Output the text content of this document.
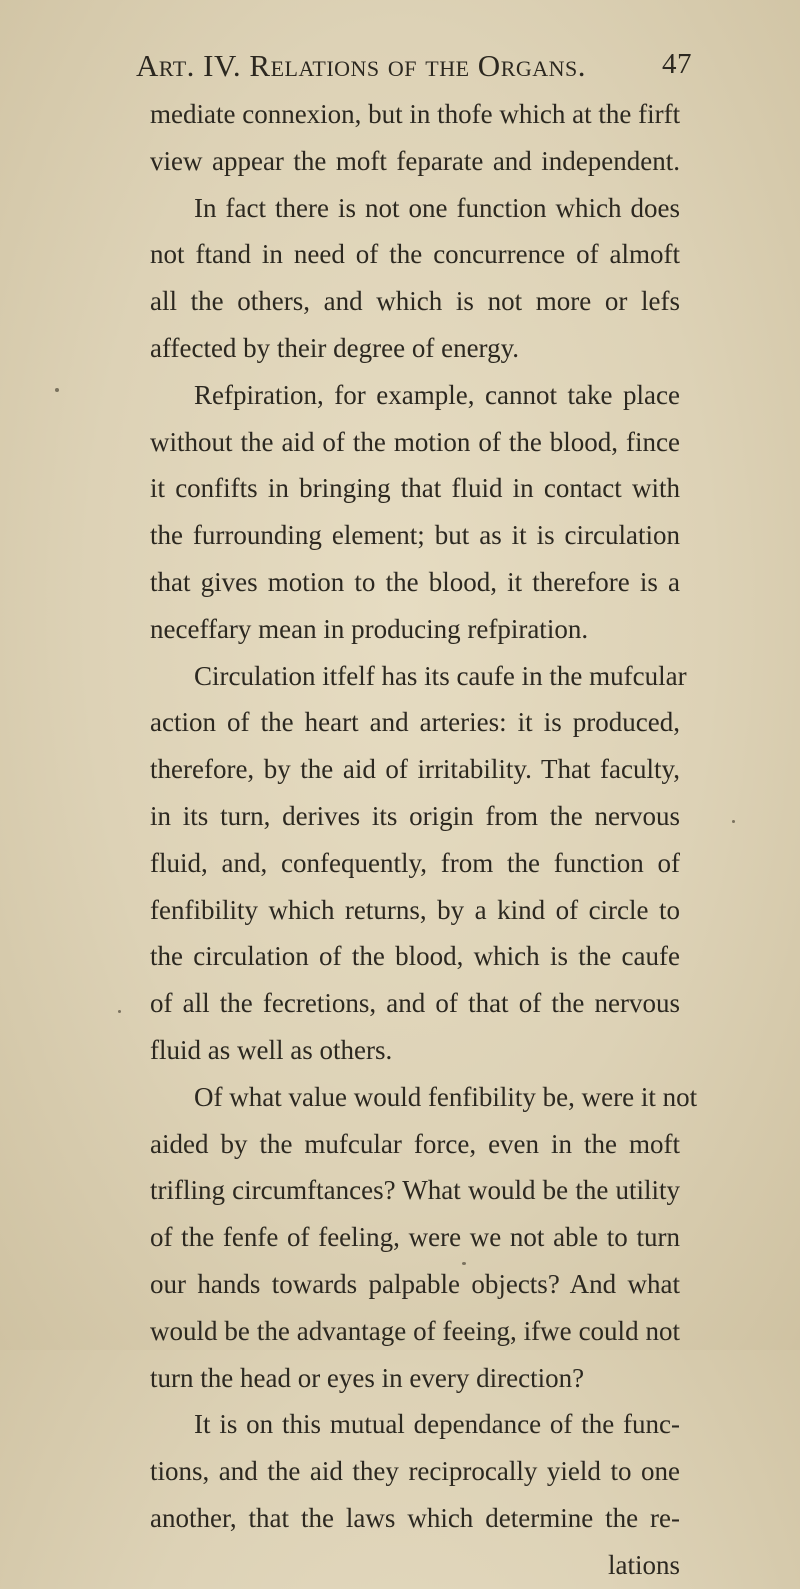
Art. IV. Relations of the Organs.	47
mediate connexion, but in thofe which at the firft
view appear the moft feparate and independent.
In fact there is not one function which does
not ftand in need of the concurrence of almoft
all the others, and which is not more or lefs
affected by their degree of energy.
Refpiration, for example, cannot take place
without the aid of the motion of the blood, fince
it confifts in bringing that fluid in contact with
the furrounding element; but as it is circulation
that gives motion to the blood, it therefore is a
neceffary mean in producing refpiration.
Circulation itfelf has its caufe in the mufcular
action of the heart and arteries: it is produced,
therefore, by the aid of irritability. That faculty,
in its turn, derives its origin from the nervous
fluid, and, confequently, from the function of
fenfibility which returns, by a kind of circle to
the circulation of the blood, which is the caufe
of all the fecretions, and of that of the nervous
fluid as well as others.
Of what value would fenfibility be, were it not
aided by the mufcular force, even in the moft
trifling circumftances? What would be the utility
of the fenfe of feeling, were we not able to turn
our hands towards palpable objects? And what
would be the advantage of feeing, ifwe could not
turn the head or eyes in every direction?
It is on this mutual dependance of the func-
tions, and the aid they reciprocally yield to one
another, that the laws which determine the re-
lations
